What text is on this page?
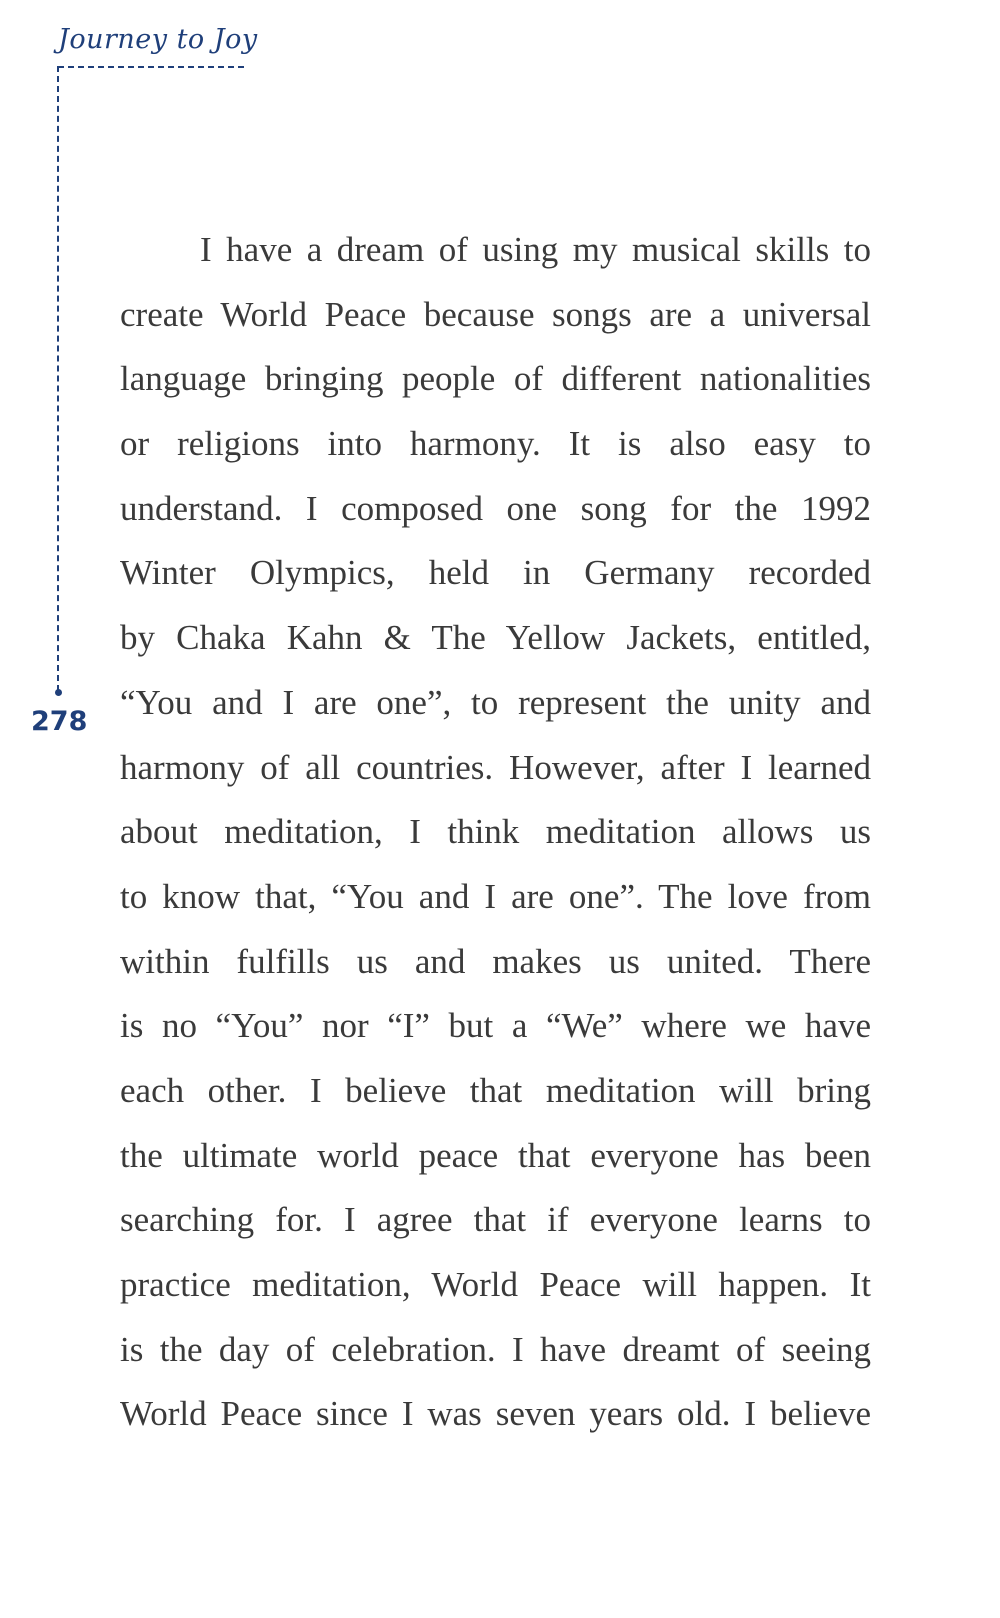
Journey to Joy
278
I have a dream of using my musical skills to
create World Peace because songs are a universal
language bringing people of different nationalities
or religions into harmony. It is also easy to
understand. I composed one song for the 1992
Winter Olympics, held in Germany recorded
by Chaka Kahn & The Yellow Jackets, entitled,
“You and I are one”, to represent the unity and
harmony of all countries. However, after I learned
about meditation, I think meditation allows us
to know that, “You and I are one”. The love from
within fulfills us and makes us united. There
is no “You” nor “I” but a “We” where we have
each other. I believe that meditation will bring
the ultimate world peace that everyone has been
searching for. I agree that if everyone learns to
practice meditation, World Peace will happen. It
is the day of celebration. I have dreamt of seeing
World Peace since I was seven years old. I believe
